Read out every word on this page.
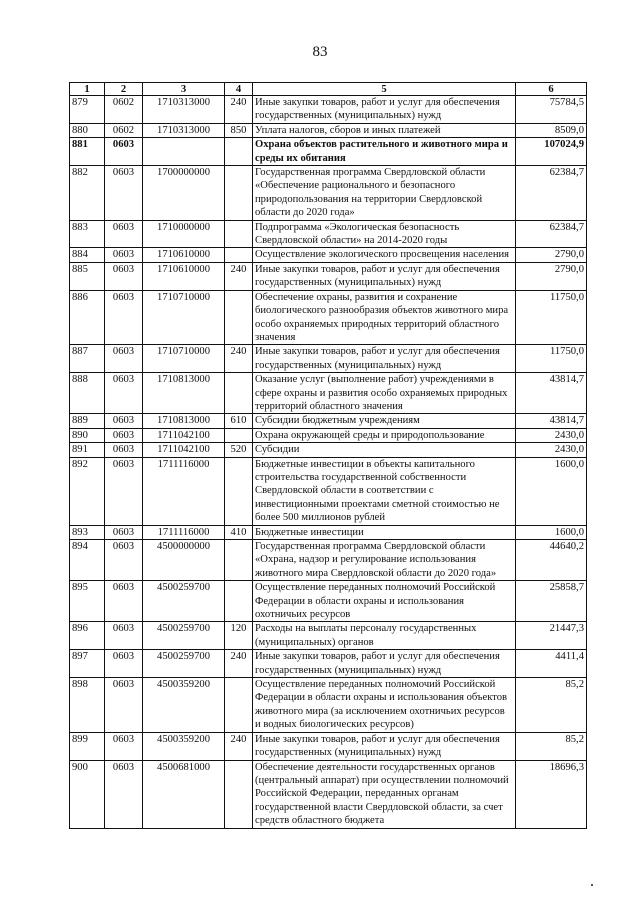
83
1	2	3	4	5	6
879	0602	1710313000	240	Иные закупки товаров, работ и услуг для обеспечения государственных (муниципальных) нужд	75784,5
880	0602	1710313000	850	Уплата налогов, сборов и иных платежей	8509,0
881	0603			Охрана объектов растительного и животного мира и среды их обитания	107024,9
882	0603	1700000000		Государственная программа Свердловской области «Обеспечение рационального и безопасного природопользования на территории Свердловской области до 2020 года»	62384,7
883	0603	1710000000		Подпрограмма «Экологическая безопасность Свердловской области» на 2014-2020 годы	62384,7
884	0603	1710610000		Осуществление экологического просвещения населения	2790,0
885	0603	1710610000	240	Иные закупки товаров, работ и услуг для обеспечения государственных (муниципальных) нужд	2790,0
886	0603	1710710000		Обеспечение охраны, развития и сохранение биологического разнообразия объектов животного мира особо охраняемых природных территорий областного значения	11750,0
887	0603	1710710000	240	Иные закупки товаров, работ и услуг для обеспечения государственных (муниципальных) нужд	11750,0
888	0603	1710813000		Оказание услуг (выполнение работ) учреждениями в сфере охраны и развития особо охраняемых природных территорий областного значения	43814,7
889	0603	1710813000	610	Субсидии бюджетным учреждениям	43814,7
890	0603	1711042100		Охрана окружающей среды и природопользование	2430,0
891	0603	1711042100	520	Субсидии	2430,0
892	0603	1711116000		Бюджетные инвестиции в объекты капитального строительства государственной собственности Свердловской области в соответствии с инвестиционными проектами сметной стоимостью не более 500 миллионов рублей	1600,0
893	0603	1711116000	410	Бюджетные инвестиции	1600,0
894	0603	4500000000		Государственная программа Свердловской области «Охрана, надзор и регулирование использования животного мира Свердловской области до 2020 года»	44640,2
895	0603	4500259700		Осуществление переданных полномочий Российской Федерации в области охраны и использования охотничьих ресурсов	25858,7
896	0603	4500259700	120	Расходы на выплаты персоналу государственных (муниципальных) органов	21447,3
897	0603	4500259700	240	Иные закупки товаров, работ и услуг для обеспечения государственных (муниципальных) нужд	4411,4
898	0603	4500359200		Осуществление переданных полномочий Российской Федерации в области охраны и использования объектов животного мира (за исключением охотничьих ресурсов и водных биологических ресурсов)	85,2
899	0603	4500359200	240	Иные закупки товаров, работ и услуг для обеспечения государственных (муниципальных) нужд	85,2
900	0603	4500681000		Обеспечение деятельности государственных органов (центральный аппарат) при осуществлении полномочий Российской Федерации, переданных органам государственной власти Свердловской области, за счет средств областного бюджета	18696,3
